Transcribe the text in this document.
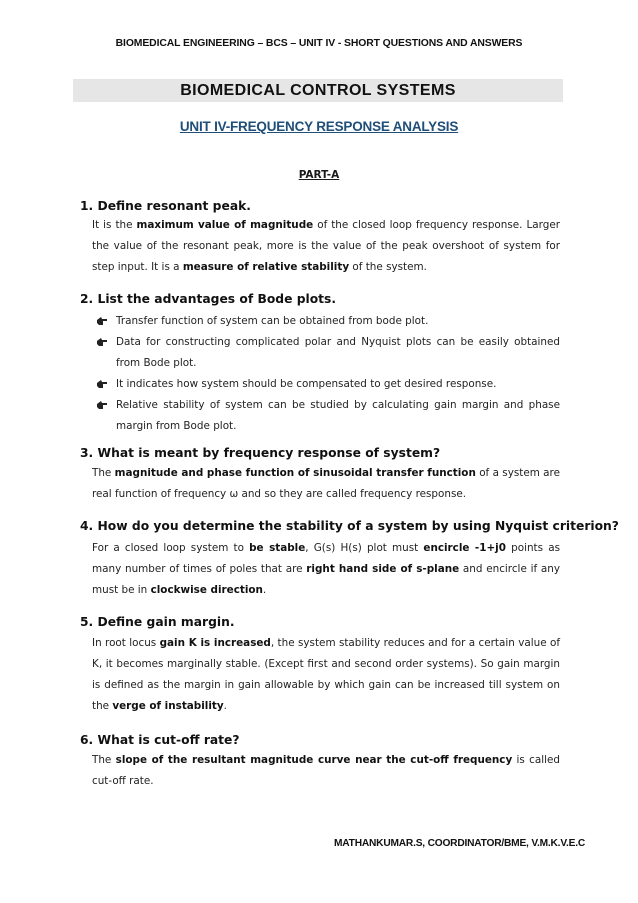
BIOMEDICAL ENGINEERING – BCS – UNIT IV - SHORT QUESTIONS AND ANSWERS
BIOMEDICAL CONTROL SYSTEMS
UNIT IV-FREQUENCY RESPONSE ANALYSIS
PART-A
1. Define resonant peak.
It is the maximum value of magnitude of the closed loop frequency response. Larger the value of the resonant peak, more is the value of the peak overshoot of system for step input. It is a measure of relative stability of the system.
2. List the advantages of Bode plots.
Transfer function of system can be obtained from bode plot.
Data for constructing complicated polar and Nyquist plots can be easily obtained from Bode plot.
It indicates how system should be compensated to get desired response.
Relative stability of system can be studied by calculating gain margin and phase margin from Bode plot.
3. What is meant by frequency response of system?
The magnitude and phase function of sinusoidal transfer function of a system are real function of frequency ω and so they are called frequency response.
4. How do you determine the stability of a system by using Nyquist criterion?
For a closed loop system to be stable, G(s) H(s) plot must encircle -1+j0 points as many number of times of poles that are right hand side of s-plane and encircle if any must be in clockwise direction.
5. Define gain margin.
In root locus gain K is increased, the system stability reduces and for a certain value of K, it becomes marginally stable. (Except first and second order systems). So gain margin is defined as the margin in gain allowable by which gain can be increased till system on the verge of instability.
6. What is cut-off rate?
The slope of the resultant magnitude curve near the cut-off frequency is called cut-off rate.
MATHANKUMAR.S, COORDINATOR/BME, V.M.K.V.E.C
